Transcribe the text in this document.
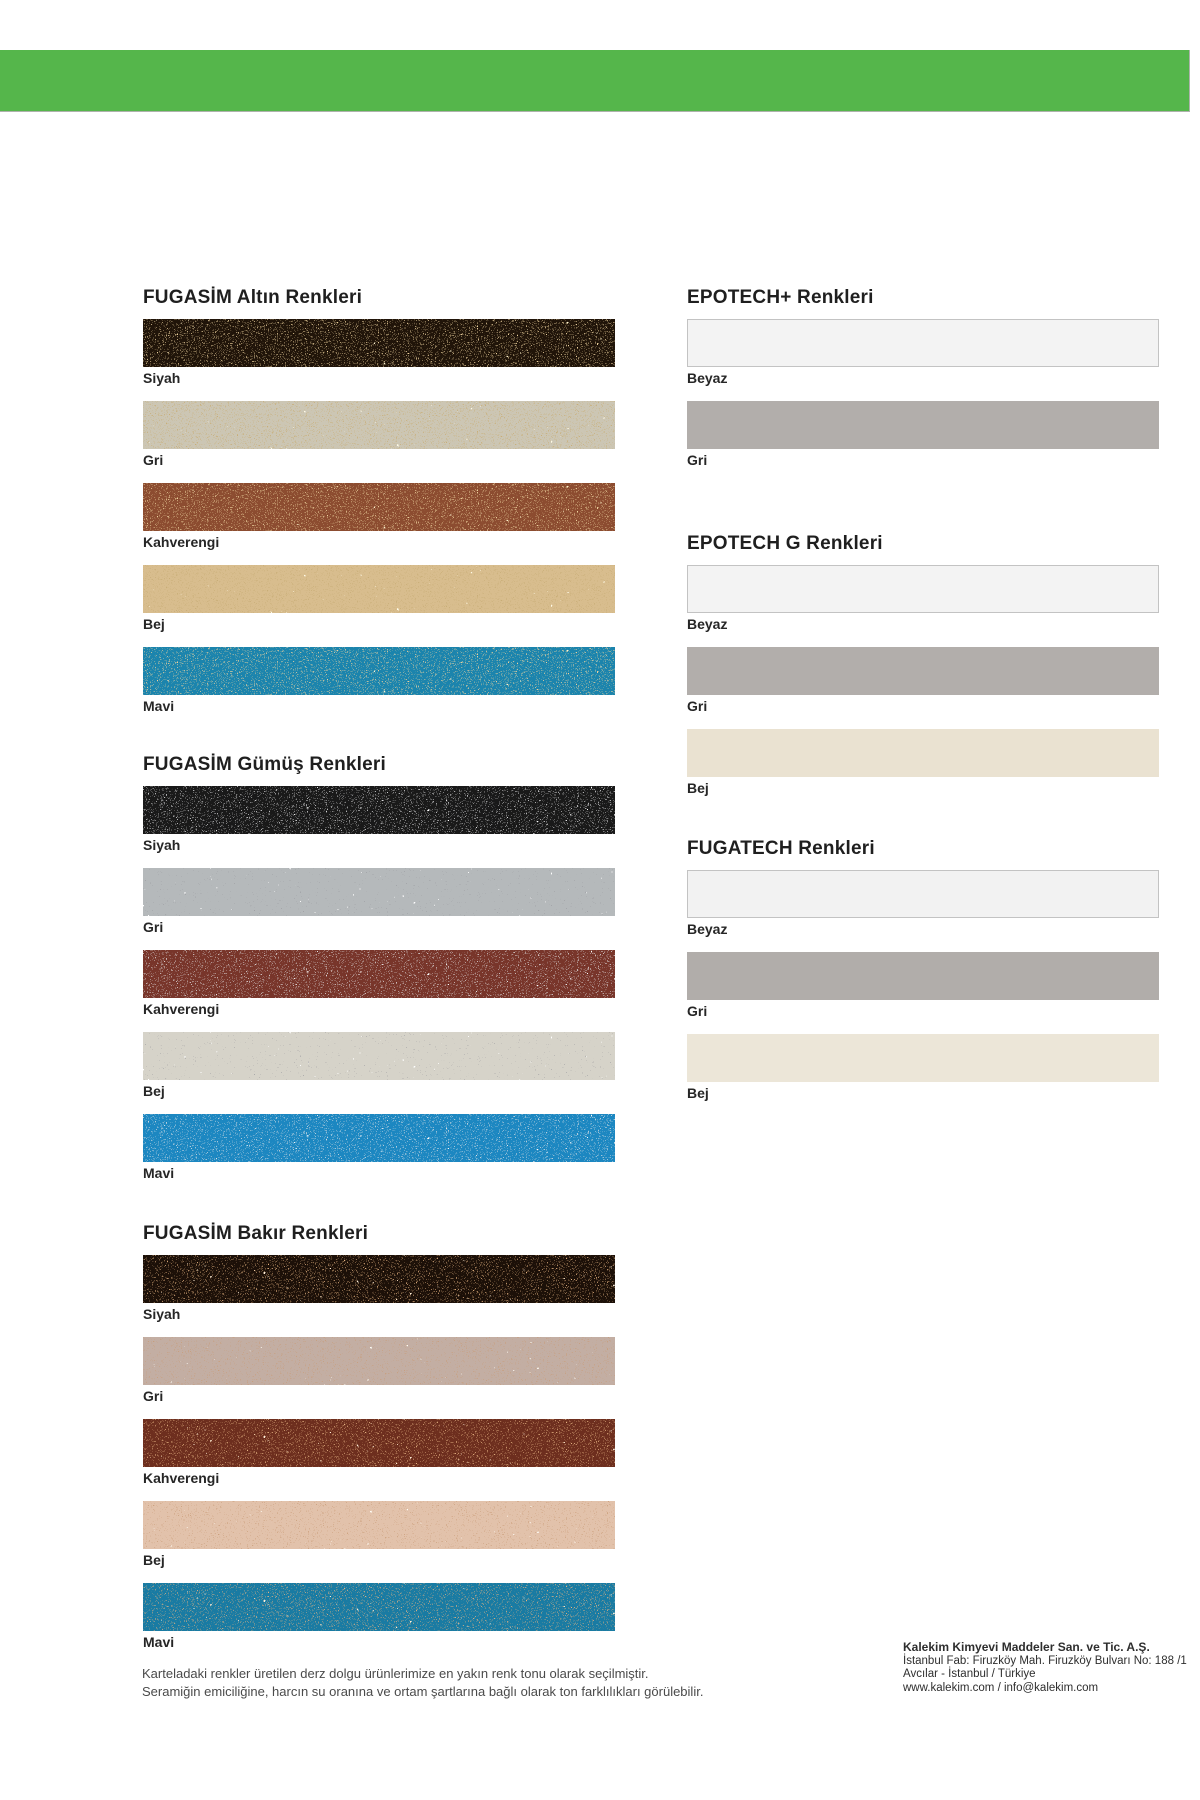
FUGASİM Altın Renkleri
Siyah
Gri
Kahverengi
Bej
Mavi
FUGASİM Gümüş Renkleri
Siyah
Gri
Kahverengi
Bej
Mavi
FUGASİM Bakır Renkleri
Siyah
Gri
Kahverengi
Bej
Mavi
EPOTECH+ Renkleri
Beyaz
Gri
EPOTECH G Renkleri
Beyaz
Gri
Bej
FUGATECH Renkleri
Beyaz
Gri
Bej
Karteladaki renkler üretilen derz dolgu ürünlerimize en yakın renk tonu olarak seçilmiştir.
Seramiğin emiciliğine, harcın su oranına ve ortam şartlarına bağlı olarak ton farklılıkları görülebilir.
Kalekim Kimyevi Maddeler San. ve Tic. A.Ş.
İstanbul Fab: Firuzköy Mah. Firuzköy Bulvarı No: 188 /1
Avcılar - İstanbul / Türkiye
www.kalekim.com / info@kalekim.com
